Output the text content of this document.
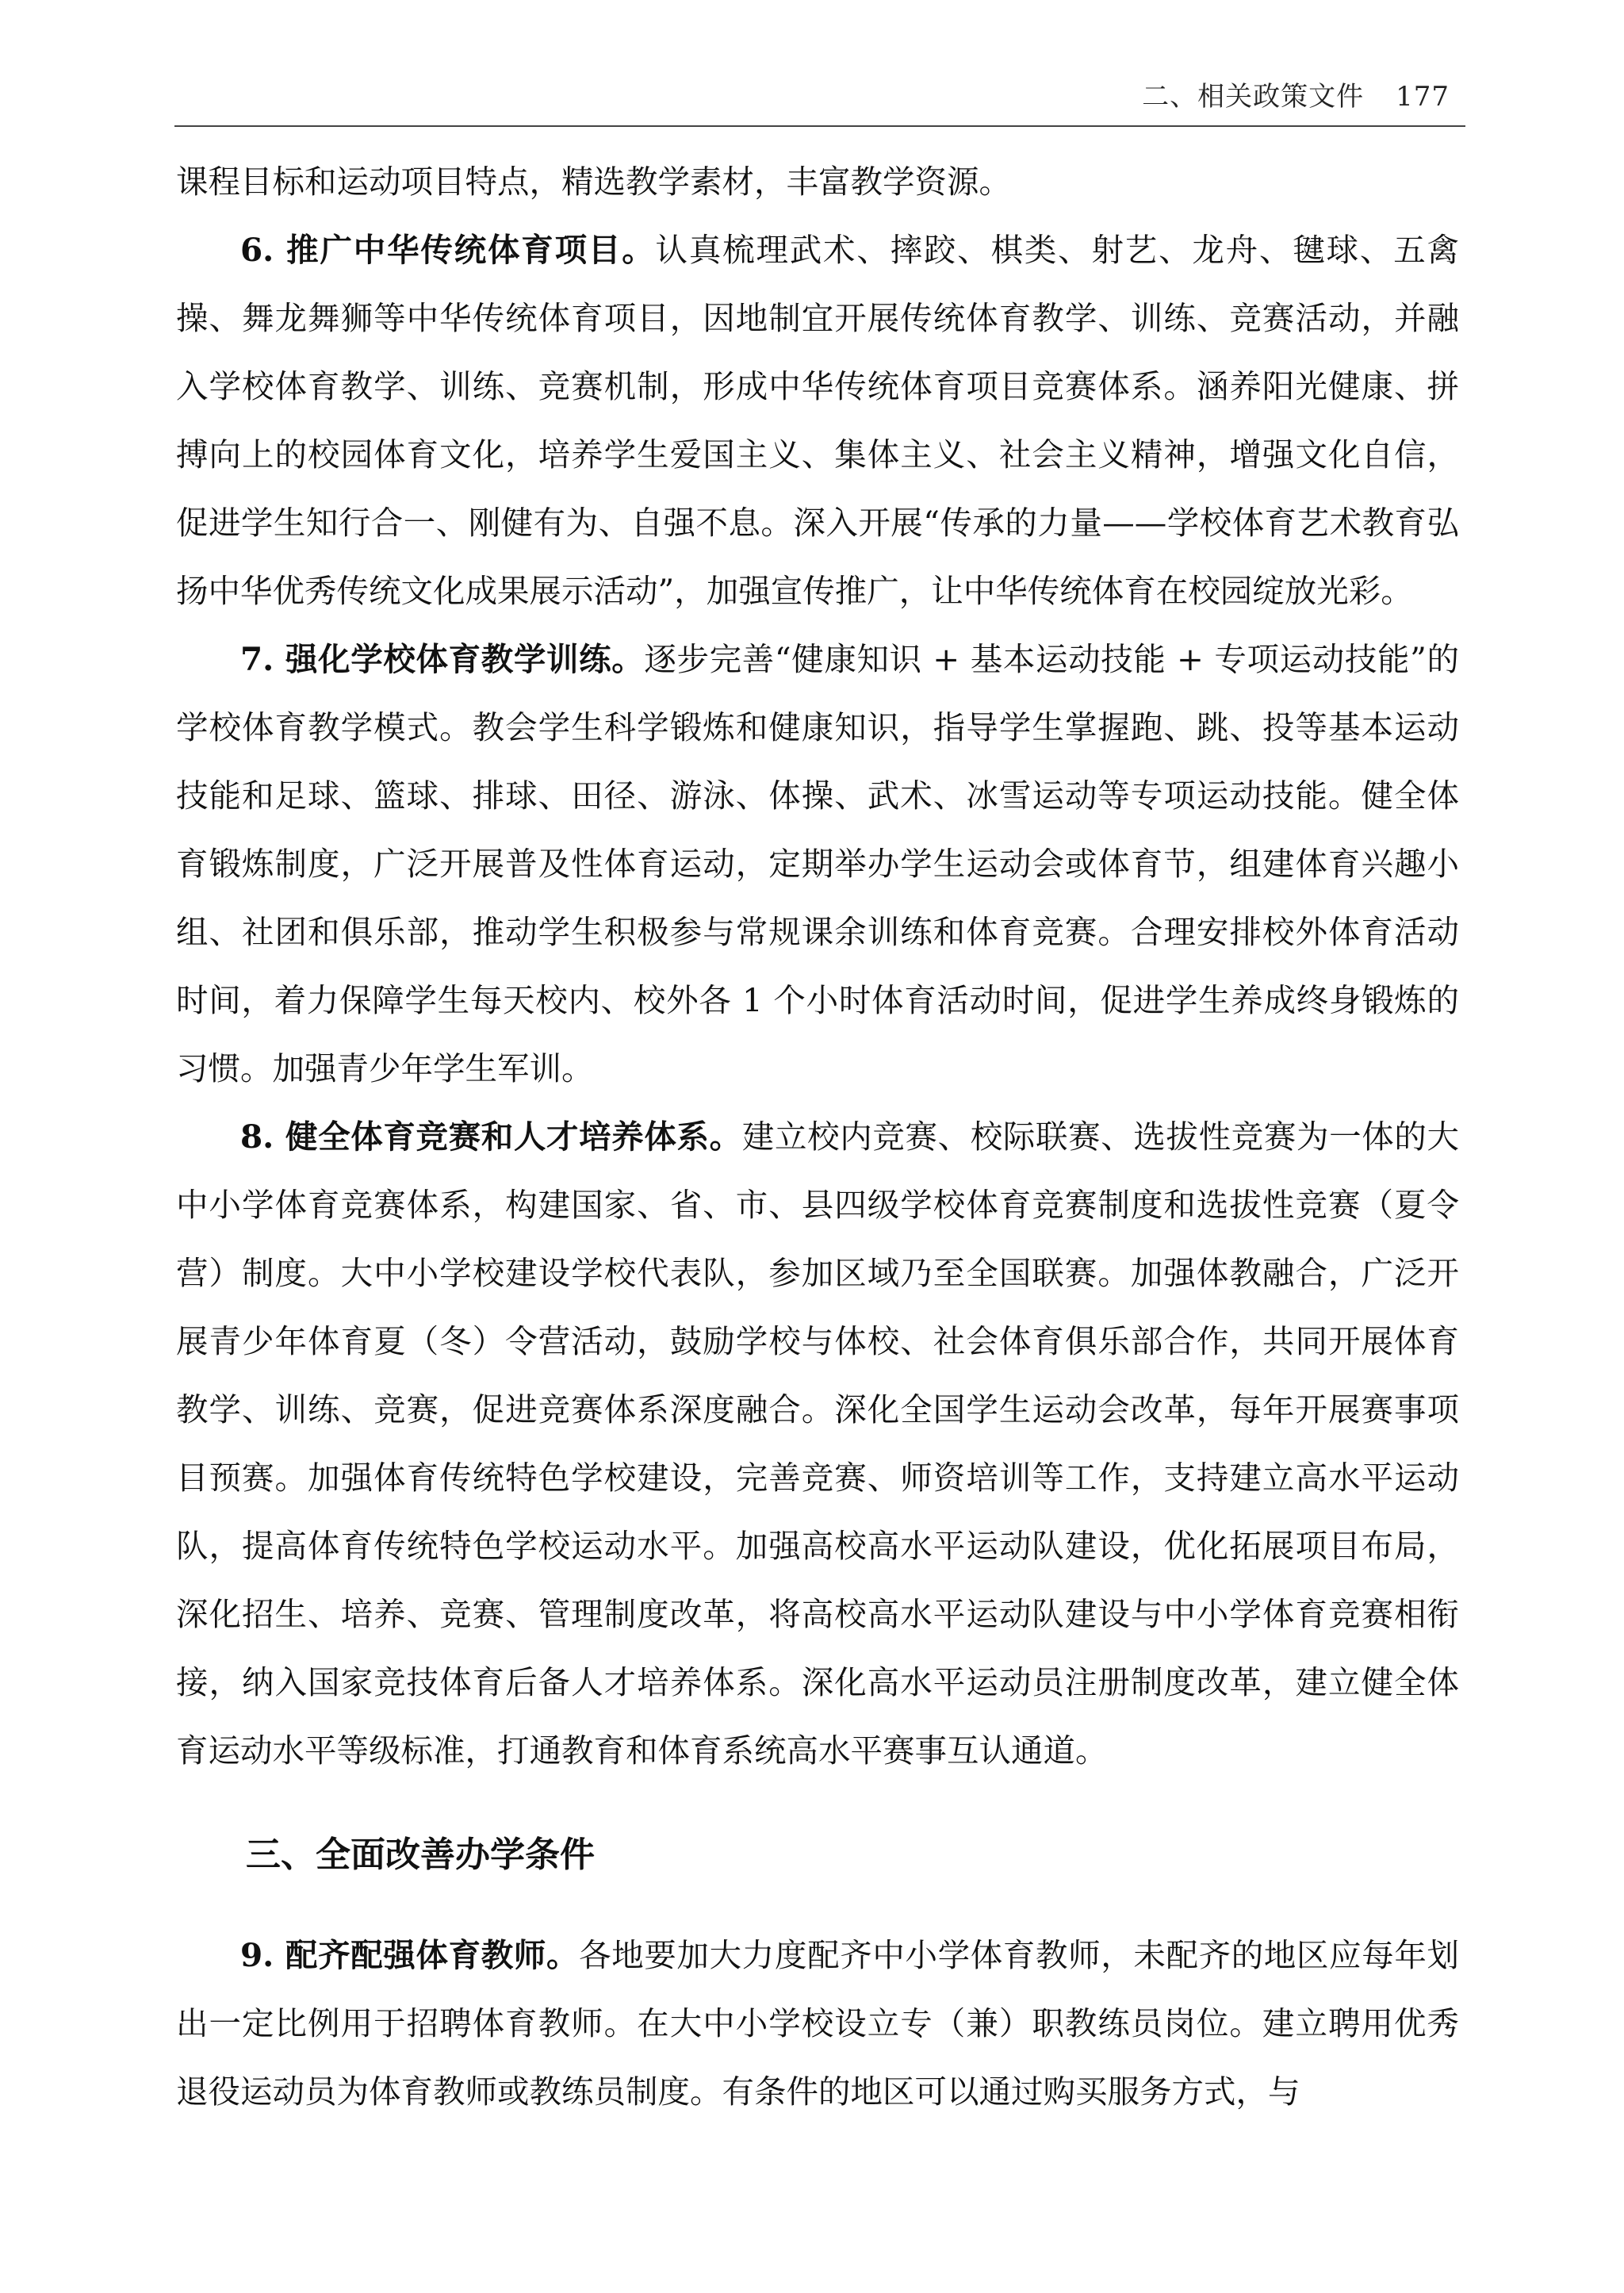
二、相关政策文件 177

课程目标和运动项目特点，精选教学素材，丰富教学资源。

6. 推广中华传统体育项目。认真梳理武术、摔跤、棋类、射艺、龙舟、毽球、五禽操、舞龙舞狮等中华传统体育项目，因地制宜开展传统体育教学、训练、竞赛活动，并融入学校体育教学、训练、竞赛机制，形成中华传统体育项目竞赛体系。涵养阳光健康、拼搏向上的校园体育文化，培养学生爱国主义、集体主义、社会主义精神，增强文化自信，促进学生知行合一、刚健有为、自强不息。深入开展“传承的力量——学校体育艺术教育弘扬中华优秀传统文化成果展示活动”，加强宣传推广，让中华传统体育在校园绽放光彩。

7. 强化学校体育教学训练。逐步完善“健康知识 + 基本运动技能 + 专项运动技能”的学校体育教学模式。教会学生科学锻炼和健康知识，指导学生掌握跑、跳、投等基本运动技能和足球、篮球、排球、田径、游泳、体操、武术、冰雪运动等专项运动技能。健全体育锻炼制度，广泛开展普及性体育运动，定期举办学生运动会或体育节，组建体育兴趣小组、社团和俱乐部，推动学生积极参与常规课余训练和体育竞赛。合理安排校外体育活动时间，着力保障学生每天校内、校外各 1 个小时体育活动时间，促进学生养成终身锻炼的习惯。加强青少年学生军训。

8. 健全体育竞赛和人才培养体系。建立校内竞赛、校际联赛、选拔性竞赛为一体的大中小学体育竞赛体系，构建国家、省、市、县四级学校体育竞赛制度和选拔性竞赛（夏令营）制度。大中小学校建设学校代表队，参加区域乃至全国联赛。加强体教融合，广泛开展青少年体育夏（冬）令营活动，鼓励学校与体校、社会体育俱乐部合作，共同开展体育教学、训练、竞赛，促进竞赛体系深度融合。深化全国学生运动会改革，每年开展赛事项目预赛。加强体育传统特色学校建设，完善竞赛、师资培训等工作，支持建立高水平运动队，提高体育传统特色学校运动水平。加强高校高水平运动队建设，优化拓展项目布局，深化招生、培养、竞赛、管理制度改革，将高校高水平运动队建设与中小学体育竞赛相衔接，纳入国家竞技体育后备人才培养体系。深化高水平运动员注册制度改革，建立健全体育运动水平等级标准，打通教育和体育系统高水平赛事互认通道。

三、全面改善办学条件

9. 配齐配强体育教师。各地要加大力度配齐中小学体育教师，未配齐的地区应每年划出一定比例用于招聘体育教师。在大中小学校设立专（兼）职教练员岗位。建立聘用优秀退役运动员为体育教师或教练员制度。有条件的地区可以通过购买服务方式，与
